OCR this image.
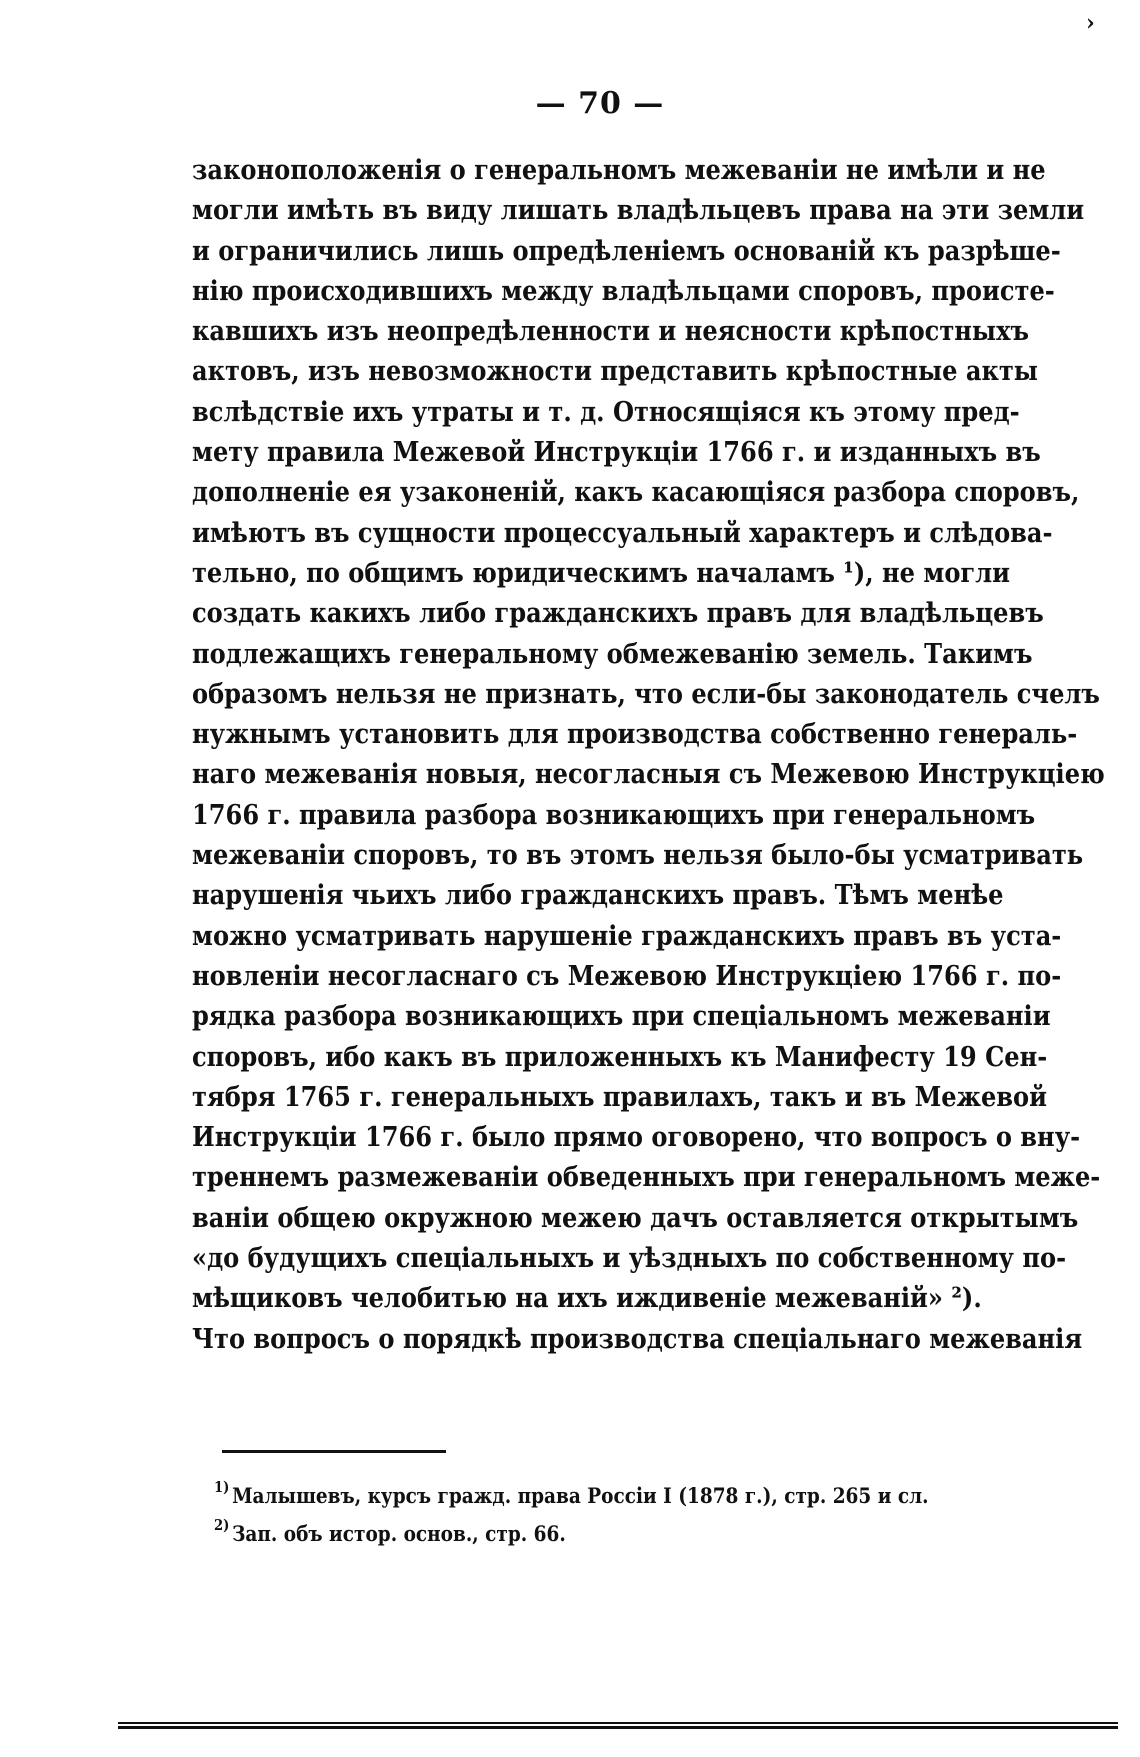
›
— 70 —
законоположенія о генеральномъ межеваніи не имѣли и не
могли имѣть въ виду лишать владѣльцевъ права на эти земли
и ограничились лишь опредѣленіемъ основаній къ разрѣше-
нію происходившихъ между владѣльцами споровъ, проистe-
кавшихъ изъ неопредѣленности и неясности крѣпостныхъ
актовъ, изъ невозможности представить крѣпостные акты
вслѣдствіе ихъ утраты и т. д. Относящіяся къ этому пред-
мету правила Межевой Инструкціи 1766 г. и изданныхъ въ
дополненіе ея узаконеній, какъ касающіяся разбора споровъ,
имѣютъ въ сущности процессуальный характеръ и слѣдова-
тельно, по общимъ юридическимъ началамъ ¹), не могли
создать какихъ либо гражданскихъ правъ для владѣльцевъ
подлежащихъ генеральному обмежеванію земель. Такимъ
образомъ нельзя не признать, что если-бы законодатель счелъ
нужнымъ установить для производства собственно генераль-
наго межеванія новыя, несогласныя съ Межевою Инструкціею
1766 г. правила разбора возникающихъ при генеральномъ
межеваніи споровъ, то въ этомъ нельзя было-бы усматривать
нарушенія чьихъ либо гражданскихъ правъ. Тѣмъ менѣе
можно усматривать нарушеніе гражданскихъ правъ въ уста-
новленіи несогласнаго съ Межевою Инструкціею 1766 г. по-
рядка разбора возникающихъ при спеціальномъ межеваніи
споровъ, ибо какъ въ приложенныхъ къ Манифесту 19 Сен-
тября 1765 г. генеральныхъ правилахъ, такъ и въ Межевой
Инструкціи 1766 г. было прямо оговорено, что вопросъ о вну-
треннемъ размежеваніи обведенныхъ при генеральномъ меже-
ваніи общею окружною межею дачъ оставляется открытымъ
«до будущихъ спеціальныхъ и уѣздныхъ по собственному по-
мѣщиковъ челобитью на ихъ иждивеніе межеваній» ²).
Что вопросъ о порядкѣ производства спеціальнаго межеванія
$^{1)}$ Малышевъ, курсъ гражд. права Россіи I (1878 г.), стр. 265 и сл.
$^{2)}$ Зап. объ истор. основ., стр. 66.
